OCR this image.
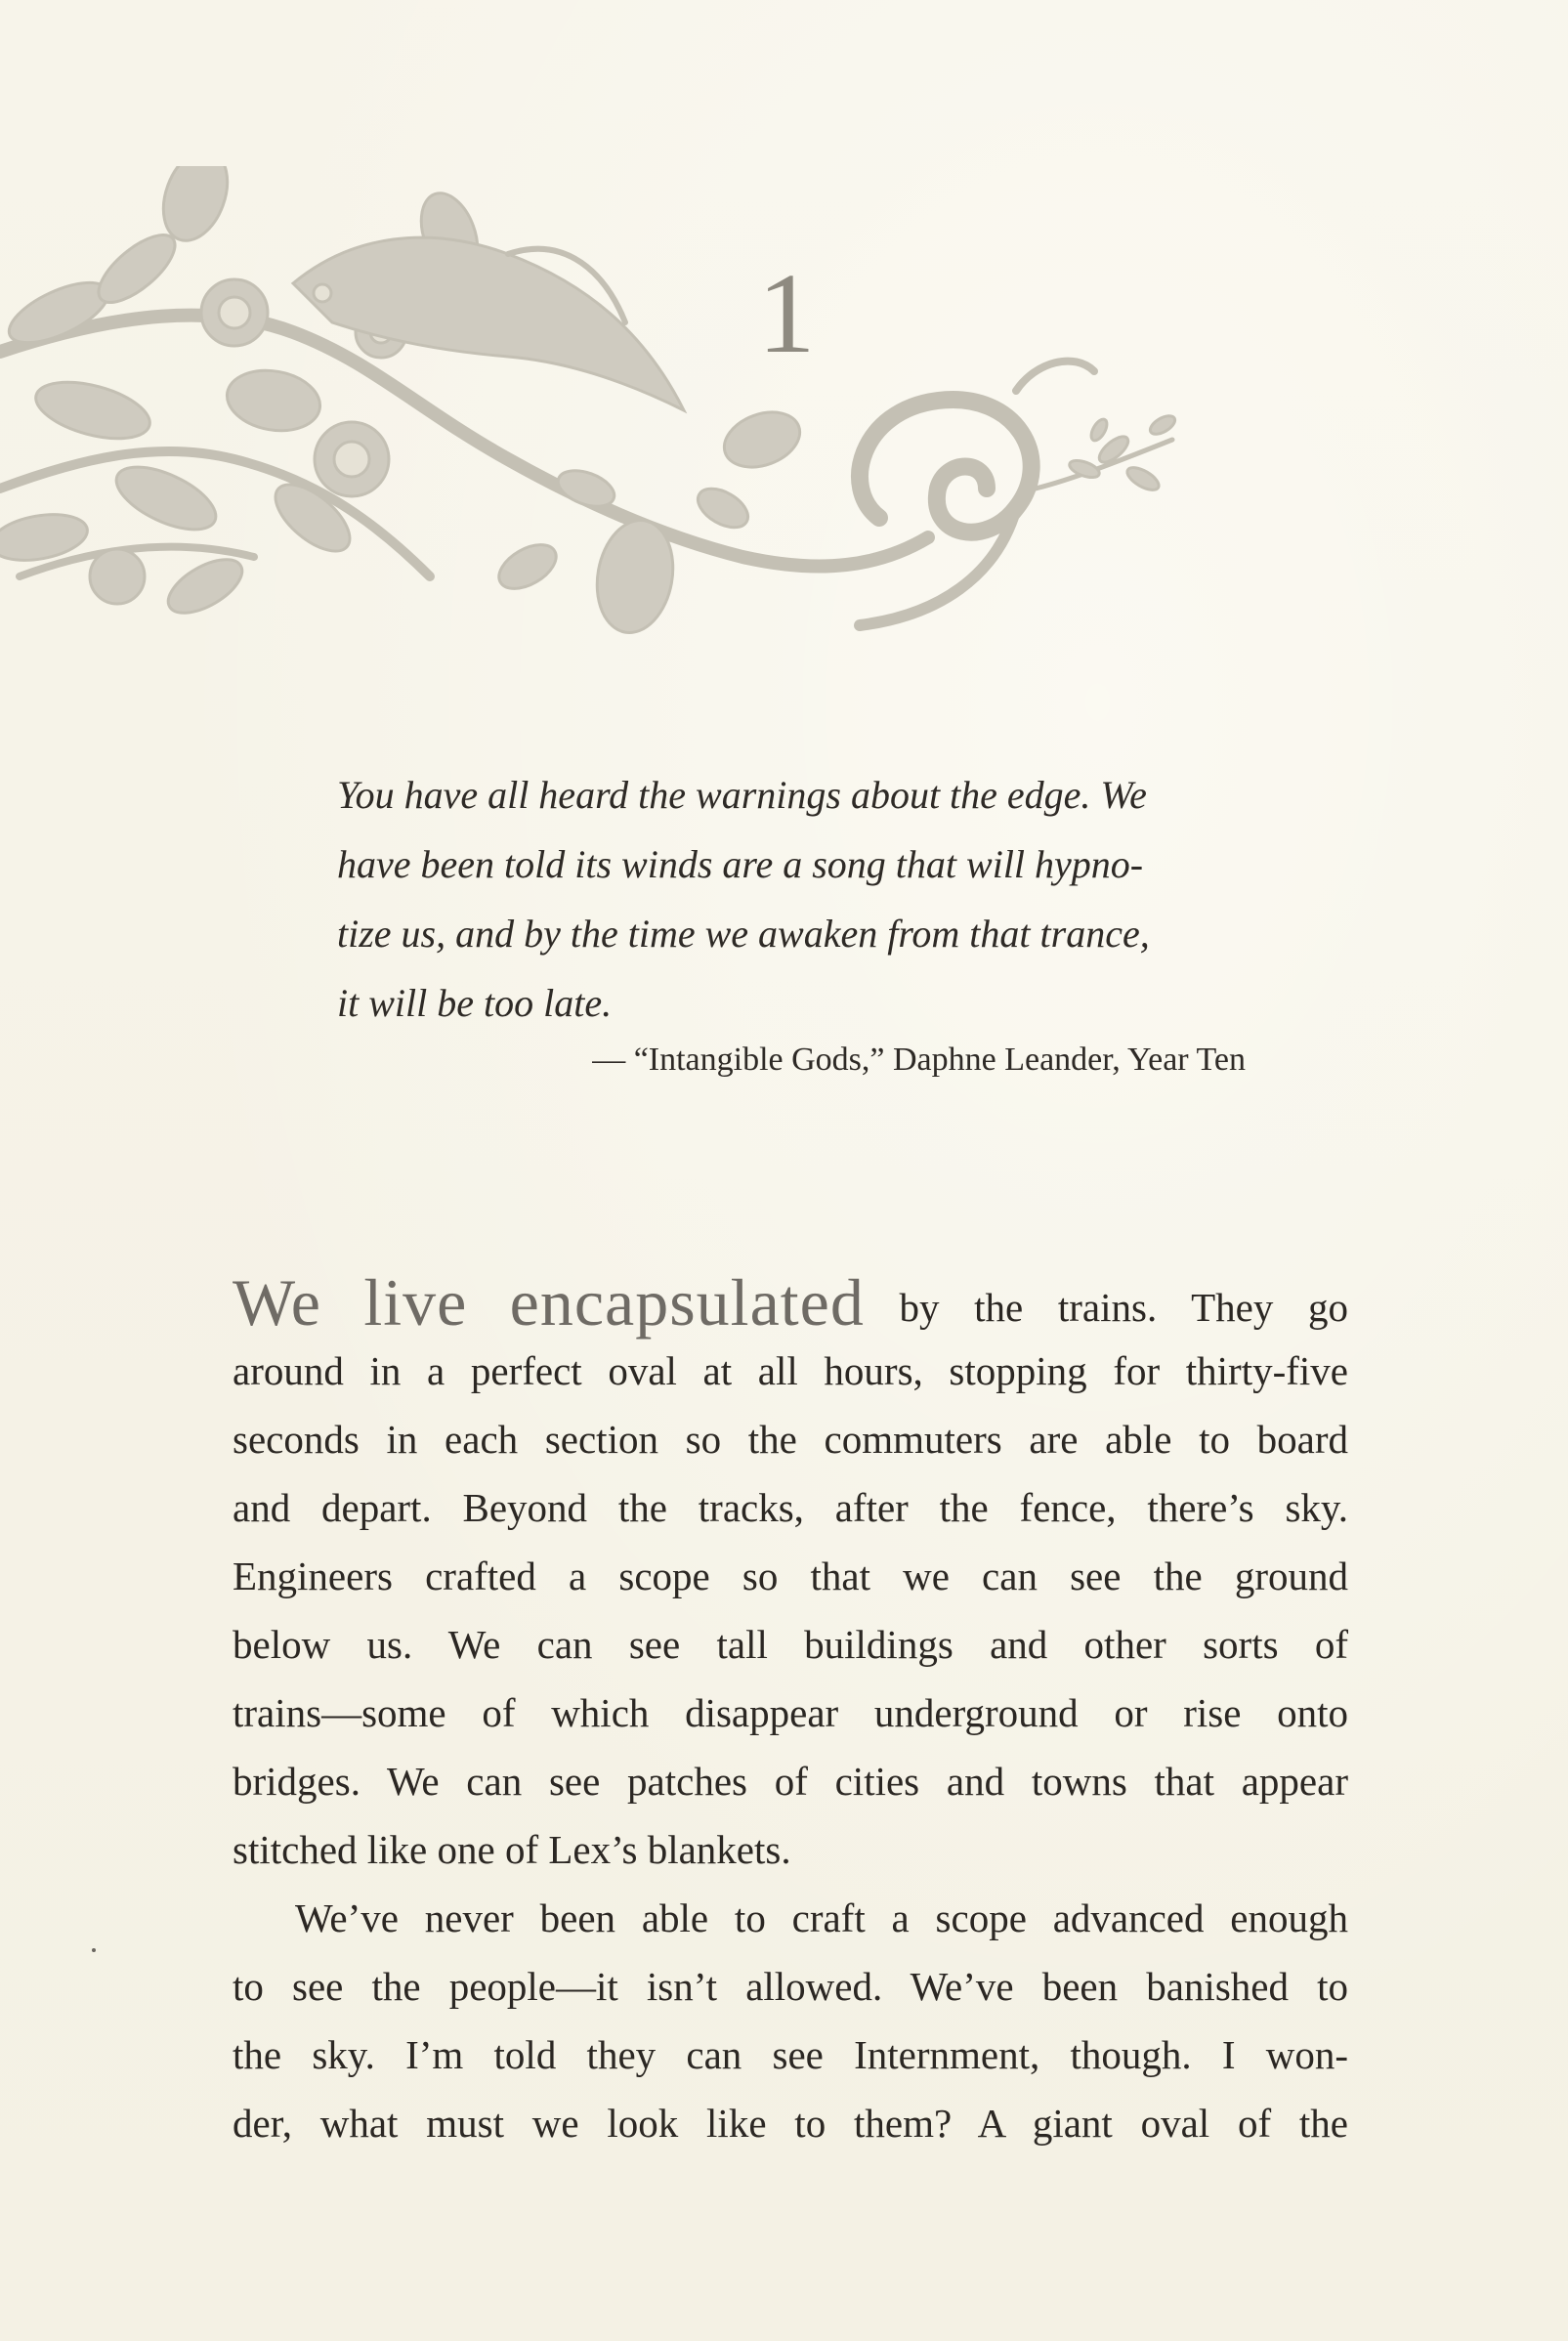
1
You have all heard the warnings about the edge. We
have been told its winds are a song that will hypno-
tize us, and by the time we awaken from that trance,
it will be too late.
— “Intangible Gods,” Daphne Leander, Year Ten
We live encapsulated by the trains. They go
around in a perfect oval at all hours, stopping for thirty-five
seconds in each section so the commuters are able to board
and depart. Beyond the tracks, after the fence, there’s sky.
Engineers crafted a scope so that we can see the ground
below us. We can see tall buildings and other sorts of
trains—some of which disappear underground or rise onto
bridges. We can see patches of cities and towns that appear
stitched like one of Lex’s blankets.
We’ve never been able to craft a scope advanced enough
to see the people—it isn’t allowed. We’ve been banished to
the sky. I’m told they can see Internment, though. I won-
der, what must we look like to them? A giant oval of the
